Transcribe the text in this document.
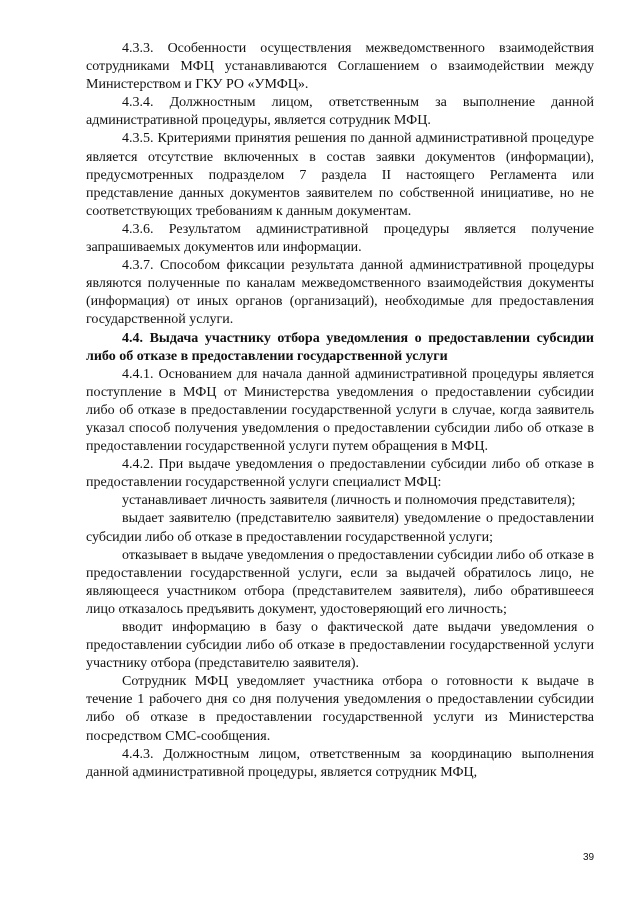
4.3.3. Особенности осуществления межведомственного взаимодействия сотрудниками МФЦ устанавливаются Соглашением о взаимодействии между Министерством и ГКУ РО «УМФЦ».

4.3.4. Должностным лицом, ответственным за выполнение данной административной процедуры, является сотрудник МФЦ.

4.3.5. Критериями принятия решения по данной административной процедуре является отсутствие включенных в состав заявки документов (информации), предусмотренных подразделом 7 раздела II настоящего Регламента или представление данных документов заявителем по собственной инициативе, но не соответствующих требованиям к данным документам.

4.3.6. Результатом административной процедуры является получение запрашиваемых документов или информации.

4.3.7. Способом фиксации результата данной административной процедуры являются полученные по каналам межведомственного взаимодействия документы (информация) от иных органов (организаций), необходимые для предоставления государственной услуги.

4.4. Выдача участнику отбора уведомления о предоставлении субсидии либо об отказе в предоставлении государственной услуги

4.4.1. Основанием для начала данной административной процедуры является поступление в МФЦ от Министерства уведомления о предоставлении субсидии либо об отказе в предоставлении государственной услуги в случае, когда заявитель указал способ получения уведомления о предоставлении субсидии либо об отказе в предоставлении государственной услуги путем обращения в МФЦ.

4.4.2. При выдаче уведомления о предоставлении субсидии либо об отказе в предоставлении государственной услуги специалист МФЦ:

устанавливает личность заявителя (личность и полномочия представителя);

выдает заявителю (представителю заявителя) уведомление о предоставлении субсидии либо об отказе в предоставлении государственной услуги;

отказывает в выдаче уведомления о предоставлении субсидии либо об отказе в предоставлении государственной услуги, если за выдачей обратилось лицо, не являющееся участником отбора (представителем заявителя), либо обратившееся лицо отказалось предъявить документ, удостоверяющий его личность;

вводит информацию в базу о фактической дате выдачи уведомления о предоставлении субсидии либо об отказе в предоставлении государственной услуги участнику отбора (представителю заявителя).

Сотрудник МФЦ уведомляет участника отбора о готовности к выдаче в течение 1 рабочего дня со дня получения уведомления о предоставлении субсидии либо об отказе в предоставлении государственной услуги из Министерства посредством СМС-сообщения.

4.4.3. Должностным лицом, ответственным за координацию выполнения данной административной процедуры, является сотрудник МФЦ,

39
